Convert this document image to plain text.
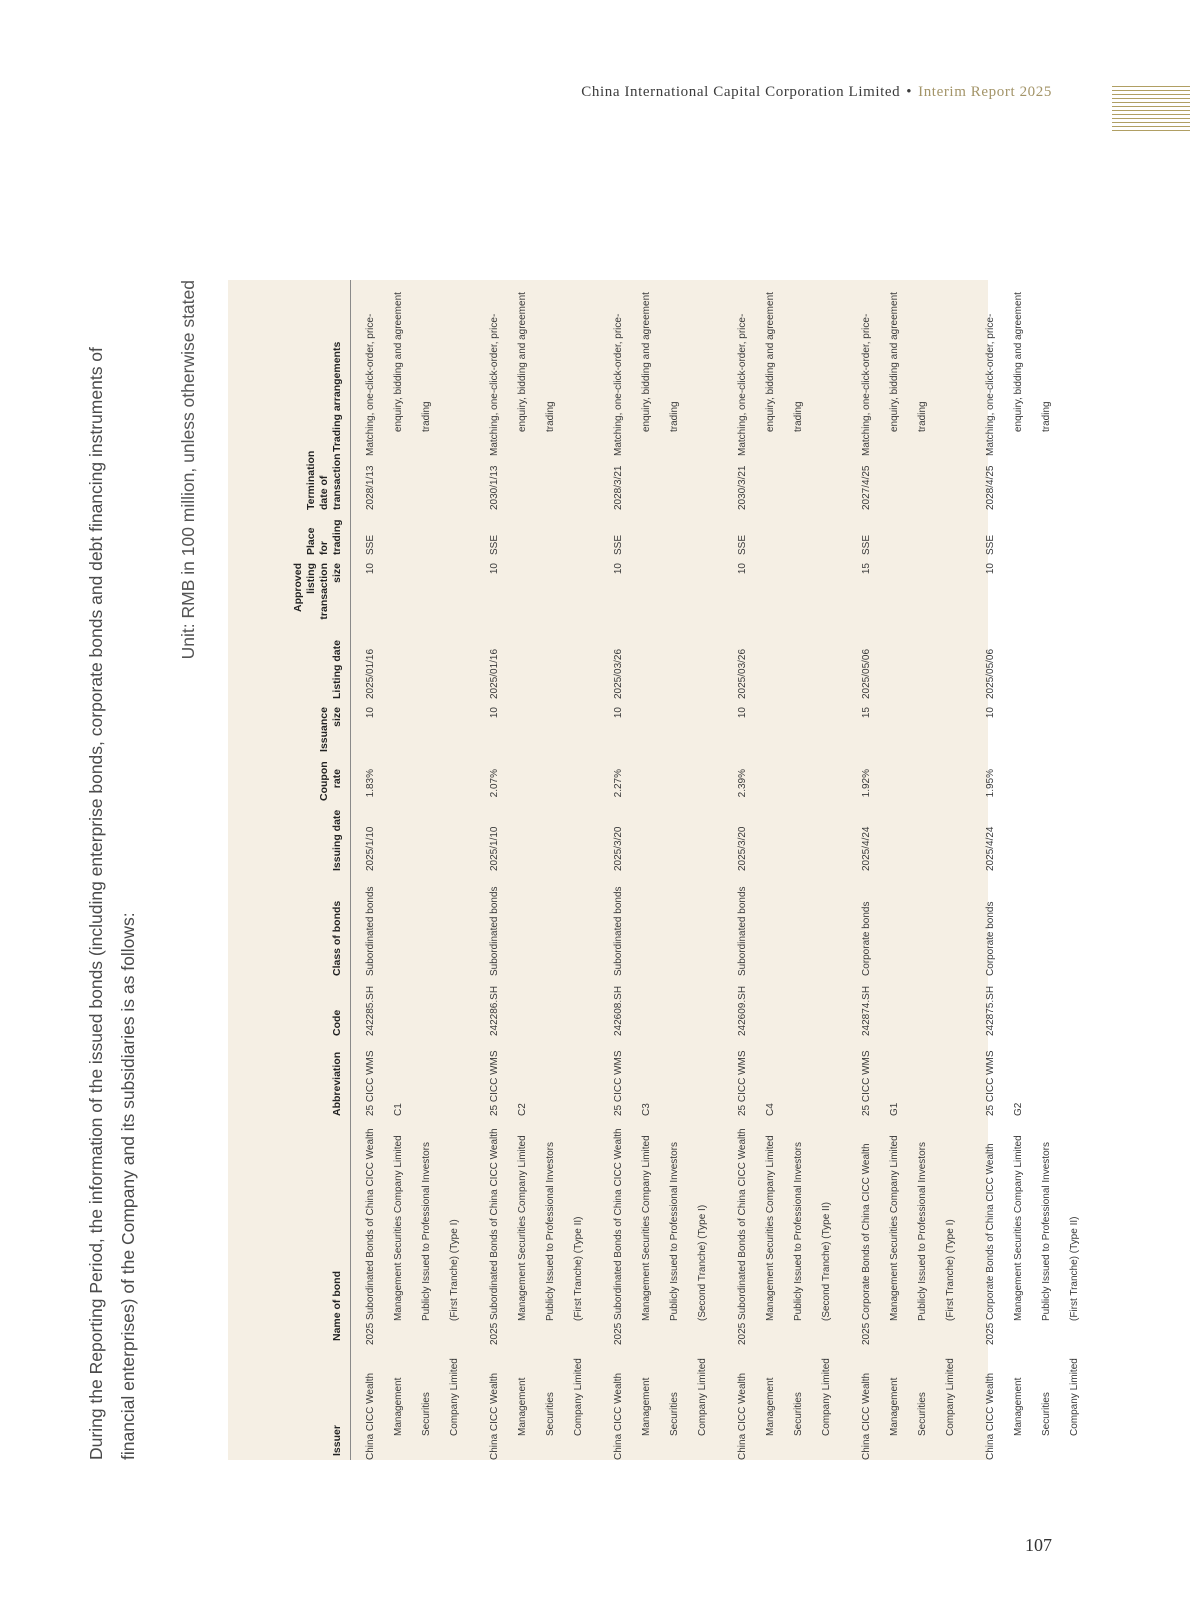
China International Capital Corporation Limited • Interim Report 2025

During the Reporting Period, the information of the issued bonds (including enterprise bonds, corporate bonds and debt financing instruments of financial enterprises) of the Company and its subsidiaries is as follows:

Unit: RMB in 100 million, unless otherwise stated
Issuer	Name of bond	Abbreviation	Code	Class of bonds	Issuing date	Coupon rate	Issuance size	Listing date	Approved listing transaction size	Place for trading	Termination date of transaction	Trading arrangements
China CICC Wealth Management Securities Company Limited	2025 Subordinated Bonds of China CICC Wealth Management Securities Company Limited Publicly Issued to Professional Investors (First Tranche) (Type I)	25 CICC WMS C1	242285.SH	Subordinated bonds	2025/1/10	1.83%	10	2025/01/16	10	SSE	2028/1/13	Matching, one-click-order, price-enquiry, bidding and agreement trading
China CICC Wealth Management Securities Company Limited	2025 Subordinated Bonds of China CICC Wealth Management Securities Company Limited Publicly Issued to Professional Investors (First Tranche) (Type II)	25 CICC WMS C2	242286.SH	Subordinated bonds	2025/1/10	2.07%	10	2025/01/16	10	SSE	2030/1/13	Matching, one-click-order, price-enquiry, bidding and agreement trading
China CICC Wealth Management Securities Company Limited	2025 Subordinated Bonds of China CICC Wealth Management Securities Company Limited Publicly Issued to Professional Investors (Second Tranche) (Type I)	25 CICC WMS C3	242608.SH	Subordinated bonds	2025/3/20	2.27%	10	2025/03/26	10	SSE	2028/3/21	Matching, one-click-order, price-enquiry, bidding and agreement trading
China CICC Wealth Management Securities Company Limited	2025 Subordinated Bonds of China CICC Wealth Management Securities Company Limited Publicly Issued to Professional Investors (Second Tranche) (Type II)	25 CICC WMS C4	242609.SH	Subordinated bonds	2025/3/20	2.39%	10	2025/03/26	10	SSE	2030/3/21	Matching, one-click-order, price-enquiry, bidding and agreement trading
China CICC Wealth Management Securities Company Limited	2025 Corporate Bonds of China CICC Wealth Management Securities Company Limited Publicly Issued to Professional Investors (First Tranche) (Type I)	25 CICC WMS G1	242874.SH	Corporate bonds	2025/4/24	1.92%	15	2025/05/06	15	SSE	2027/4/25	Matching, one-click-order, price-enquiry, bidding and agreement trading
China CICC Wealth Management Securities Company Limited	2025 Corporate Bonds of China CICC Wealth Management Securities Company Limited Publicly Issued to Professional Investors (First Tranche) (Type II)	25 CICC WMS G2	242875.SH	Corporate bonds	2025/4/24	1.95%	10	2025/05/06	10	SSE	2028/4/25	Matching, one-click-order, price-enquiry, bidding and agreement trading
107
